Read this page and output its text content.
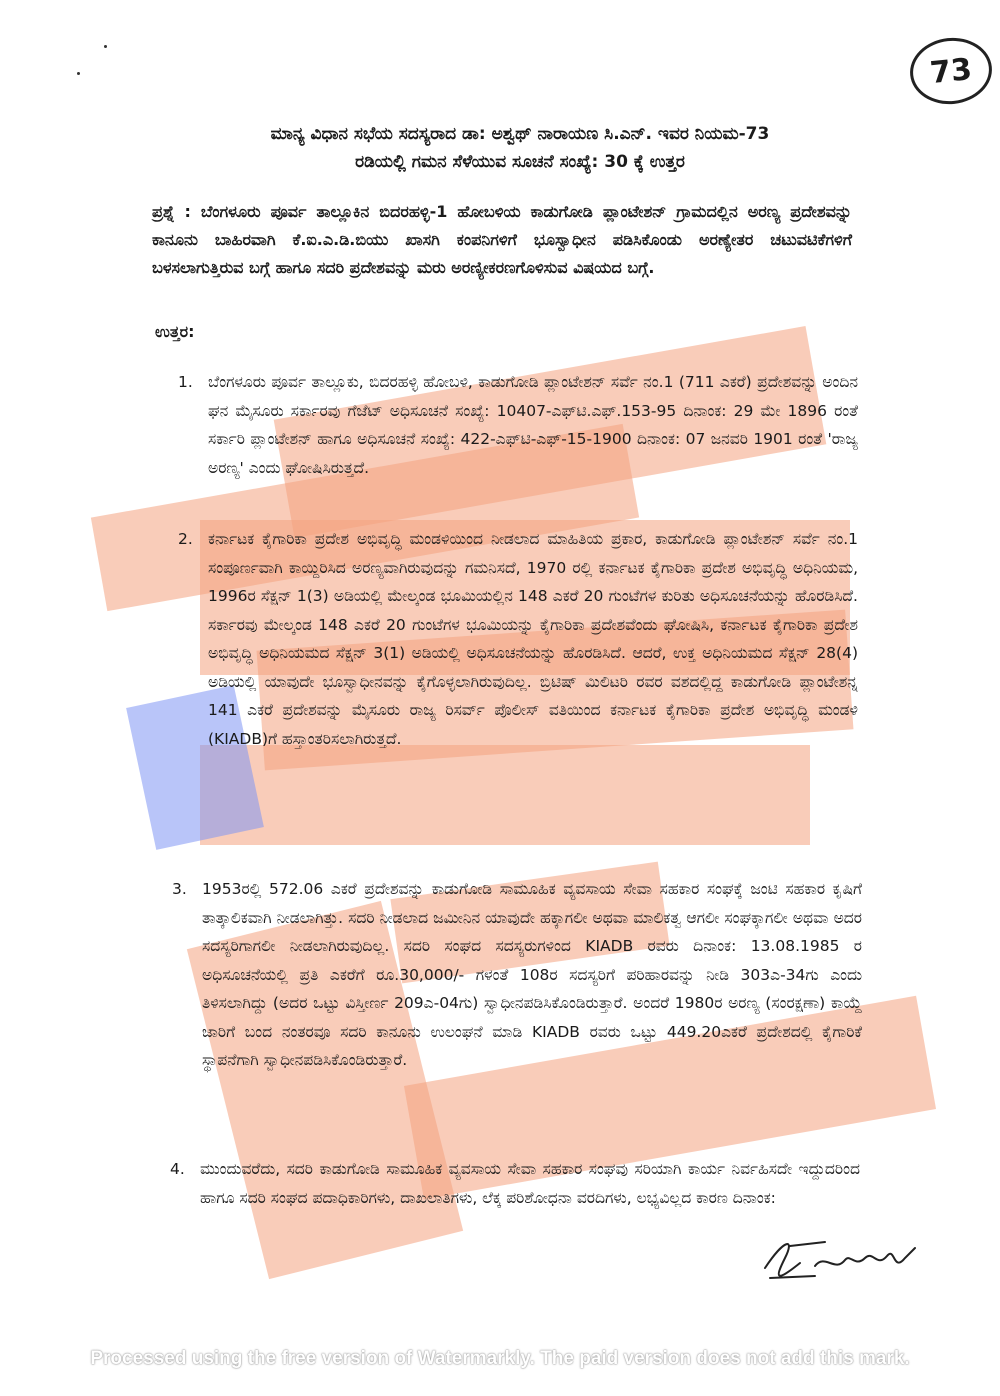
73
ಮಾನ್ಯ ವಿಧಾನ ಸಭೆಯ ಸದಸ್ಯರಾದ ಡಾ: ಅಶ್ವಥ್ ನಾರಾಯಣ ಸಿ.ಎನ್. ಇವರ ನಿಯಮ-73
ರಡಿಯಲ್ಲಿ ಗಮನ ಸೆಳೆಯುವ ಸೂಚನೆ ಸಂಖ್ಯೆ: 30 ಕ್ಕೆ ಉತ್ತರ
ಪ್ರಶ್ನೆ : ಬೆಂಗಳೂರು ಪೂರ್ವ ತಾಲ್ಲೂಕಿನ ಬಿದರಹಳ್ಳಿ-1 ಹೋಬಳಿಯ ಕಾಡುಗೋಡಿ ಪ್ಲಾಂಟೇಶನ್ ಗ್ರಾಮದಲ್ಲಿನ ಅರಣ್ಯ ಪ್ರದೇಶವನ್ನು ಕಾನೂನು ಬಾಹಿರವಾಗಿ ಕೆ.ಐ.ಎ.ಡಿ.ಬಿಯು ಖಾಸಗಿ ಕಂಪನಿಗಳಿಗೆ ಭೂಸ್ವಾಧೀನ ಪಡಿಸಿಕೊಂಡು ಅರಣ್ಯೇತರ ಚಟುವಟಿಕೆಗಳಿಗೆ ಬಳಸಲಾಗುತ್ತಿರುವ ಬಗ್ಗೆ ಹಾಗೂ ಸದರಿ ಪ್ರದೇಶವನ್ನು ಮರು ಅರಣ್ಯೀಕರಣಗೊಳಿಸುವ ವಿಷಯದ ಬಗ್ಗೆ.
ಉತ್ತರ:
1. ಬೆಂಗಳೂರು ಪೂರ್ವ ತಾಲ್ಲೂಕು, ಬಿದರಹಳ್ಳಿ ಹೋಬಳಿ, ಕಾಡುಗೋಡಿ ಪ್ಲಾಂಟೇಶನ್ ಸರ್ವೆ ನಂ.1 (711 ಎಕರೆ) ಪ್ರದೇಶವನ್ನು ಅಂದಿನ ಘನ ಮೈಸೂರು ಸರ್ಕಾರವು ಗೆಜೆಟ್ ಅಧಿಸೂಚನೆ ಸಂಖ್ಯೆ: 10407-ಎಫ್‌ಟಿ.ಎಫ್.153-95 ದಿನಾಂಕ: 29 ಮೇ 1896 ರಂತೆ ಸರ್ಕಾರಿ ಪ್ಲಾಂಟೇಶನ್ ಹಾಗೂ ಅಧಿಸೂಚನೆ ಸಂಖ್ಯೆ: 422-ಎಫ್‌ಟಿ-ಎಫ್-15-1900 ದಿನಾಂಕ: 07 ಜನವರಿ 1901 ರಂತೆ 'ರಾಜ್ಯ ಅರಣ್ಯ' ಎಂದು ಘೋಷಿಸಿರುತ್ತದೆ.
2. ಕರ್ನಾಟಕ ಕೈಗಾರಿಕಾ ಪ್ರದೇಶ ಅಭಿವೃದ್ಧಿ ಮಂಡಳಿಯಿಂದ ನೀಡಲಾದ ಮಾಹಿತಿಯ ಪ್ರಕಾರ, ಕಾಡುಗೋಡಿ ಪ್ಲಾಂಟೇಶನ್ ಸರ್ವೆ ನಂ.1 ಸಂಪೂರ್ಣವಾಗಿ ಕಾಯ್ದಿರಿಸಿದ ಅರಣ್ಯವಾಗಿರುವುದನ್ನು ಗಮನಿಸದೆ, 1970 ರಲ್ಲಿ ಕರ್ನಾಟಕ ಕೈಗಾರಿಕಾ ಪ್ರದೇಶ ಅಭಿವೃದ್ಧಿ ಅಧಿನಿಯಮ, 1996ರ ಸೆಕ್ಷನ್ 1(3) ಅಡಿಯಲ್ಲಿ ಮೇಲ್ಕಂಡ ಭೂಮಿಯಲ್ಲಿನ 148 ಎಕರೆ 20 ಗುಂಟೆಗಳ ಕುರಿತು ಅಧಿಸೂಚನೆಯನ್ನು ಹೊರಡಿಸಿದೆ. ಸರ್ಕಾರವು ಮೇಲ್ಕಂಡ 148 ಎಕರೆ 20 ಗುಂಟೆಗಳ ಭೂಮಿಯನ್ನು ಕೈಗಾರಿಕಾ ಪ್ರದೇಶವೆಂದು ಘೋಷಿಸಿ, ಕರ್ನಾಟಕ ಕೈಗಾರಿಕಾ ಪ್ರದೇಶ ಅಭಿವೃದ್ಧಿ ಅಧಿನಿಯಮದ ಸೆಕ್ಷನ್ 3(1) ಅಡಿಯಲ್ಲಿ ಅಧಿಸೂಚನೆಯನ್ನು ಹೊರಡಿಸಿದೆ. ಆದರೆ, ಉಕ್ತ ಅಧಿನಿಯಮದ ಸೆಕ್ಷನ್ 28(4) ಅಡಿಯಲ್ಲಿ ಯಾವುದೇ ಭೂಸ್ವಾಧೀನವನ್ನು ಕೈಗೊಳ್ಳಲಾಗಿರುವುದಿಲ್ಲ. ಬ್ರಿಟಿಷ್ ಮಿಲಿಟರಿ ರವರ ವಶದಲ್ಲಿದ್ದ ಕಾಡುಗೋಡಿ ಪ್ಲಾಂಟೇಶನ್ನ 141 ಎಕರೆ ಪ್ರದೇಶವನ್ನು ಮೈಸೂರು ರಾಜ್ಯ ರಿಸರ್ವ್ ಪೊಲೀಸ್ ವತಿಯಿಂದ ಕರ್ನಾಟಕ ಕೈಗಾರಿಕಾ ಪ್ರದೇಶ ಅಭಿವೃದ್ಧಿ ಮಂಡಳಿ (KIADB)ಗೆ ಹಸ್ತಾಂತರಿಸಲಾಗಿರುತ್ತದೆ.
3. 1953ರಲ್ಲಿ 572.06 ಎಕರೆ ಪ್ರದೇಶವನ್ನು ಕಾಡುಗೋಡಿ ಸಾಮೂಹಿಕ ವ್ಯವಸಾಯ ಸೇವಾ ಸಹಕಾರ ಸಂಘಕ್ಕೆ ಜಂಟಿ ಸಹಕಾರ ಕೃಷಿಗೆ ತಾತ್ಕಾಲಿಕವಾಗಿ ನೀಡಲಾಗಿತ್ತು. ಸದರಿ ನೀಡಲಾದ ಜಮೀನಿನ ಯಾವುದೇ ಹಕ್ಕಾಗಲೀ ಅಥವಾ ಮಾಲಿಕತ್ವ ಆಗಲೀ ಸಂಘಕ್ಕಾಗಲೀ ಅಥವಾ ಅದರ ಸದಸ್ಯರಿಗಾಗಲೀ ನೀಡಲಾಗಿರುವುದಿಲ್ಲ. ಸದರಿ ಸಂಘದ ಸದಸ್ಯರುಗಳಿಂದ KIADB ರವರು ದಿನಾಂಕ: 13.08.1985 ರ ಅಧಿಸೂಚನೆಯಲ್ಲಿ ಪ್ರತಿ ಎಕರೆಗೆ ರೂ.30,000/- ಗಳಂತೆ 108ರ ಸದಸ್ಯರಿಗೆ ಪರಿಹಾರವನ್ನು ನೀಡಿ 303ಎ-34ಗು ಎಂದು ತಿಳಿಸಲಾಗಿದ್ದು (ಅದರ ಒಟ್ಟು ವಿಸ್ತೀರ್ಣ 209ಎ-04ಗು) ಸ್ವಾಧೀನಪಡಿಸಿಕೊಂಡಿರುತ್ತಾರೆ. ಅಂದರೆ 1980ರ ಅರಣ್ಯ (ಸಂರಕ್ಷಣಾ) ಕಾಯ್ದೆ ಜಾರಿಗೆ ಬಂದ ನಂತರವೂ ಸದರಿ ಕಾನೂನು ಉಲಂಘನೆ ಮಾಡಿ KIADB ರವರು ಒಟ್ಟು 449.20ಎಕರೆ ಪ್ರದೇಶದಲ್ಲಿ ಕೈಗಾರಿಕೆ ಸ್ಥಾಪನೆಗಾಗಿ ಸ್ವಾಧೀನಪಡಿಸಿಕೊಂಡಿರುತ್ತಾರೆ.
4. ಮುಂದುವರೆದು, ಸದರಿ ಕಾಡುಗೋಡಿ ಸಾಮೂಹಿಕ ವ್ಯವಸಾಯ ಸೇವಾ ಸಹಕಾರ ಸಂಘವು ಸರಿಯಾಗಿ ಕಾರ್ಯ ನಿರ್ವಹಿಸದೇ ಇದ್ದುದರಿಂದ ಹಾಗೂ ಸದರಿ ಸಂಘದ ಪದಾಧಿಕಾರಿಗಳು, ದಾಖಲಾತಿಗಳು, ಲೆಕ್ಕ ಪರಿಶೋಧನಾ ವರದಿಗಳು, ಲಭ್ಯವಿಲ್ಲದ ಕಾರಣ ದಿನಾಂಕ:
Processed using the free version of Watermarkly. The paid version does not add this mark.
